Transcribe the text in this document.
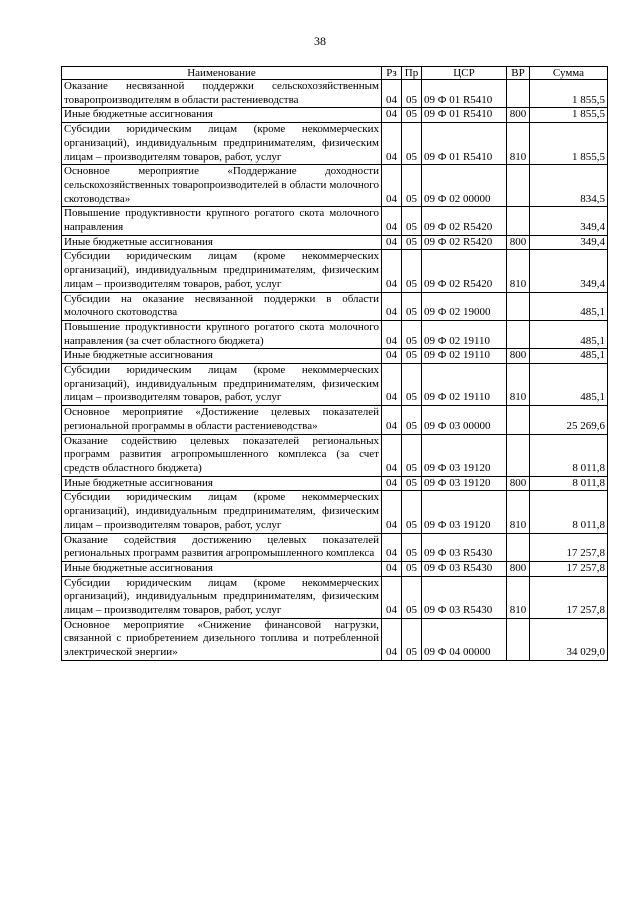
38
Наименование	Рз	Пр	ЦСР	ВР	Сумма
Оказание несвязанной поддержки сельскохозяйственным товаропроизводителям в области растениеводства	04	05	09 Ф 01 R5410		1 855,5
Иные бюджетные ассигнования	04	05	09 Ф 01 R5410	800	1 855,5
Субсидии юридическим лицам (кроме некоммерческих организаций), индивидуальным предпринимателям, физическим лицам – производителям товаров, работ, услуг	04	05	09 Ф 01 R5410	810	1 855,5
Основное мероприятие «Поддержание доходности сельскохозяйственных товаропроизводителей в области молочного скотоводства»	04	05	09 Ф 02 00000		834,5
Повышение продуктивности крупного рогатого скота молочного направления	04	05	09 Ф 02 R5420		349,4
Иные бюджетные ассигнования	04	05	09 Ф 02 R5420	800	349,4
Субсидии юридическим лицам (кроме некоммерческих организаций), индивидуальным предпринимателям, физическим лицам – производителям товаров, работ, услуг	04	05	09 Ф 02 R5420	810	349,4
Субсидии на оказание несвязанной поддержки в области молочного скотоводства	04	05	09 Ф 02 19000		485,1
Повышение продуктивности крупного рогатого скота молочного направления (за счет областного бюджета)	04	05	09 Ф 02 19110		485,1
Иные бюджетные ассигнования	04	05	09 Ф 02 19110	800	485,1
Субсидии юридическим лицам (кроме некоммерческих организаций), индивидуальным предпринимателям, физическим лицам – производителям товаров, работ, услуг	04	05	09 Ф 02 19110	810	485,1
Основное мероприятие «Достижение целевых показателей региональной программы в области растениеводства»	04	05	09 Ф 03 00000		25 269,6
Оказание содействию целевых показателей региональных программ развития агропромышленного комплекса (за счет средств областного бюджета)	04	05	09 Ф 03 19120		8 011,8
Иные бюджетные ассигнования	04	05	09 Ф 03 19120	800	8 011,8
Субсидии юридическим лицам (кроме некоммерческих организаций), индивидуальным предпринимателям, физическим лицам – производителям товаров, работ, услуг	04	05	09 Ф 03 19120	810	8 011,8
Оказание содействия достижению целевых показателей региональных программ развития агропромышленного комплекса	04	05	09 Ф 03 R5430		17 257,8
Иные бюджетные ассигнования	04	05	09 Ф 03 R5430	800	17 257,8
Субсидии юридическим лицам (кроме некоммерческих организаций), индивидуальным предпринимателям, физическим лицам – производителям товаров, работ, услуг	04	05	09 Ф 03 R5430	810	17 257,8
Основное мероприятие «Снижение финансовой нагрузки, связанной с приобретением дизельного топлива и потребленной электрической энергии»	04	05	09 Ф 04 00000		34 029,0
